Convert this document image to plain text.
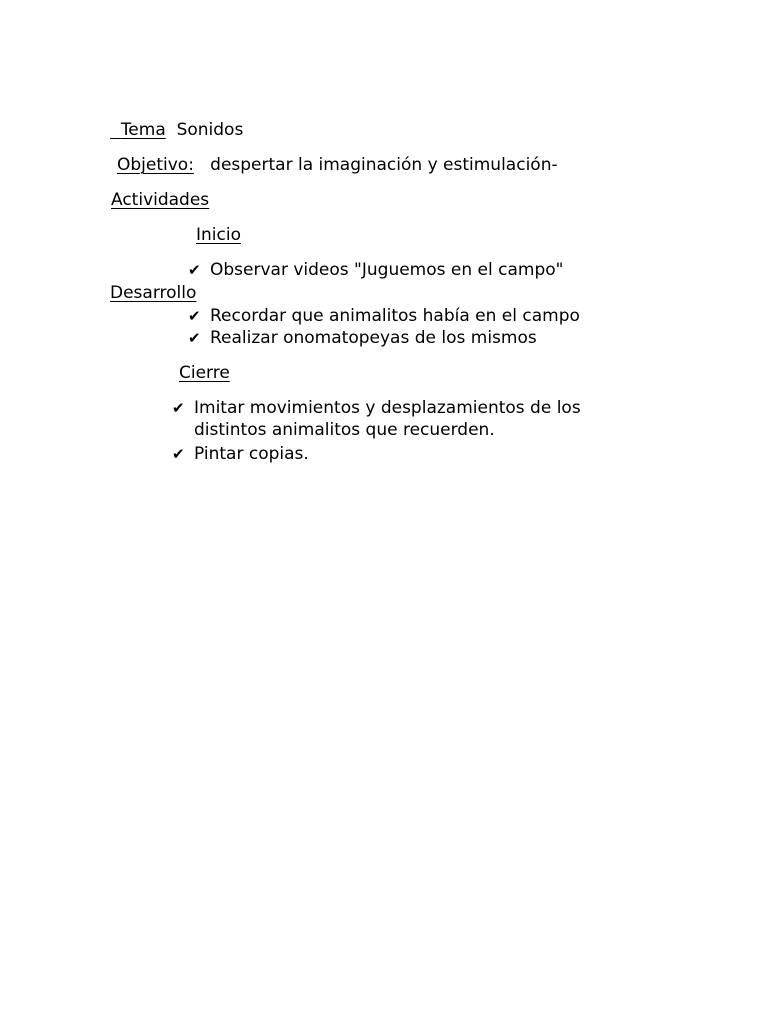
Tema Sonidos
Objetivo: despertar la imaginación y estimulación-
Actividades
Inicio
✔ Observar videos "Juguemos en el campo"
Desarrollo
✔ Recordar que animalitos había en el campo
✔ Realizar onomatopeyas de los mismos
Cierre
✔ Imitar movimientos y desplazamientos de los distintos animalitos que recuerden.
✔ Pintar copias.
